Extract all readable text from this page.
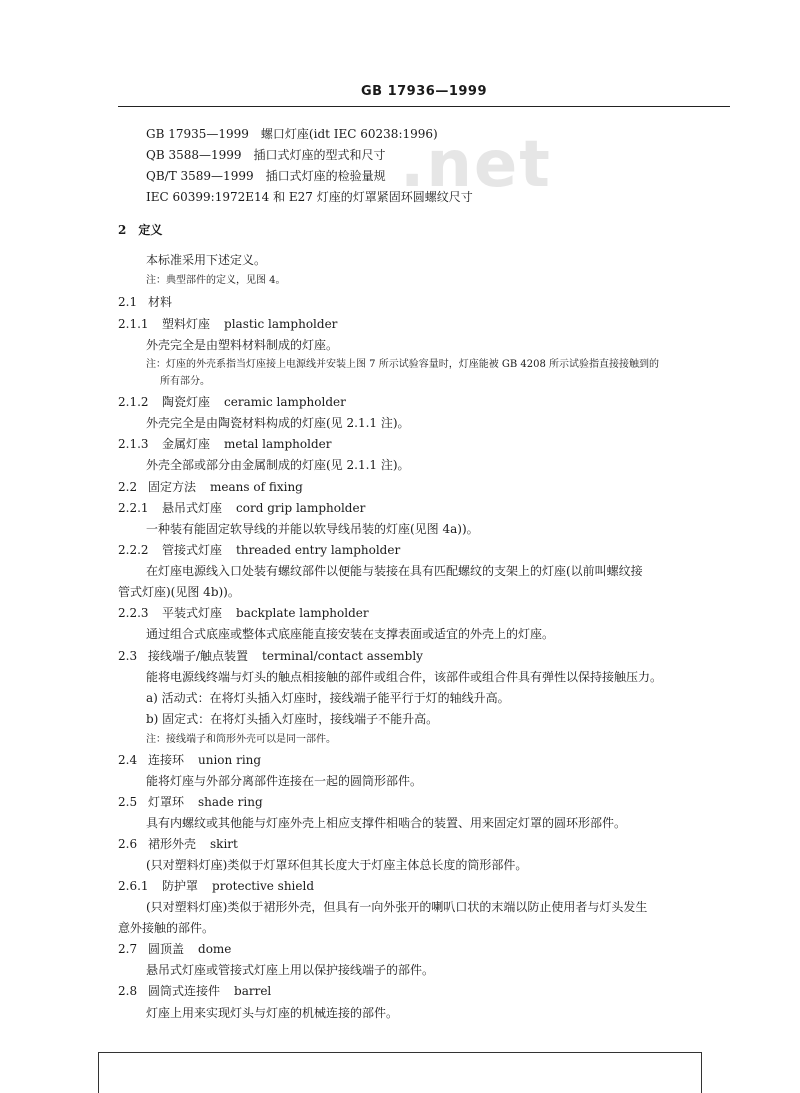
.net
GB 17936—1999
GB 17935—1999　螺口灯座(idt IEC 60238:1996)
QB 3588—1999　插口式灯座的型式和尺寸
QB/T 3589—1999　插口式灯座的检验量规
IEC 60399:1972E14 和 E27 灯座的灯罩紧固环圆螺纹尺寸
2　定义
本标准采用下述定义。
注：典型部件的定义，见图 4。
2.1 材料
2.1.1 塑料灯座 plastic lampholder
外壳完全是由塑料材料制成的灯座。
注：灯座的外壳系指当灯座接上电源线并安装上图 7 所示试验容量时，灯座能被 GB 4208 所示试验指直接接触到的
所有部分。
2.1.2 陶瓷灯座 ceramic lampholder
外壳完全是由陶瓷材料构成的灯座(见 2.1.1 注)。
2.1.3 金属灯座 metal lampholder
外壳全部或部分由金属制成的灯座(见 2.1.1 注)。
2.2 固定方法 means of fixing
2.2.1 悬吊式灯座 cord grip lampholder
一种装有能固定软导线的并能以软导线吊装的灯座(见图 4a))。
2.2.2 管接式灯座 threaded entry lampholder
在灯座电源线入口处装有螺纹部件以便能与装接在具有匹配螺纹的支架上的灯座(以前叫螺纹接
管式灯座)(见图 4b))。
2.2.3 平装式灯座 backplate lampholder
通过组合式底座或整体式底座能直接安装在支撑表面或适宜的外壳上的灯座。
2.3 接线端子/触点装置 terminal/contact assembly
能将电源线终端与灯头的触点相接触的部件或组合件，该部件或组合件具有弹性以保持接触压力。
a) 活动式：在将灯头插入灯座时，接线端子能平行于灯的轴线升高。
b) 固定式：在将灯头插入灯座时，接线端子不能升高。
注：接线端子和筒形外壳可以是同一部件。
2.4 连接环 union ring
能将灯座与外部分离部件连接在一起的圆筒形部件。
2.5 灯罩环 shade ring
具有内螺纹或其他能与灯座外壳上相应支撑件相啮合的装置、用来固定灯罩的圆环形部件。
2.6 裙形外壳 skirt
(只对塑料灯座)类似于灯罩环但其长度大于灯座主体总长度的筒形部件。
2.6.1 防护罩 protective shield
(只对塑料灯座)类似于裙形外壳，但具有一向外张开的喇叭口状的末端以防止使用者与灯头发生
意外接触的部件。
2.7 圆顶盖 dome
悬吊式灯座或管接式灯座上用以保护接线端子的部件。
2.8 圆筒式连接件 barrel
灯座上用来实现灯头与灯座的机械连接的部件。
